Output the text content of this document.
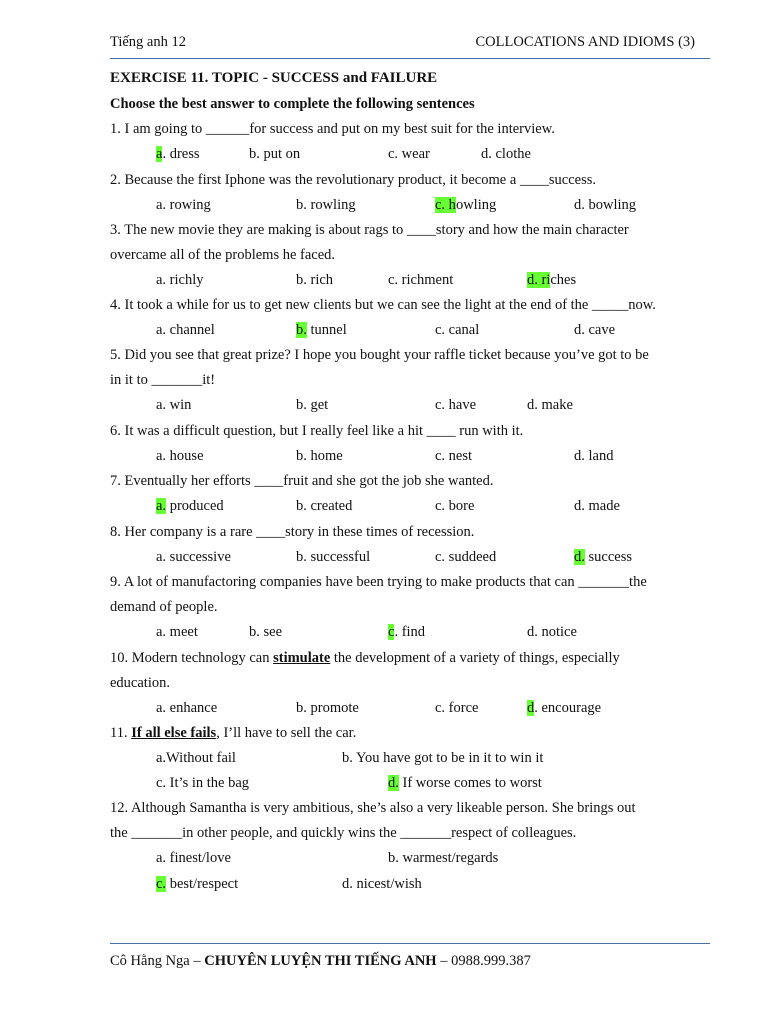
Tiếng anh 12	COLLOCATIONS AND IDIOMS (3)
EXERCISE 11. TOPIC - SUCCESS and FAILURE
Choose the best answer to complete the following sentences
1. I am going to ______for success and put on my best suit for the interview.
a. dress	b. put on	c. wear	d. clothe
2. Because the first Iphone was the revolutionary product, it become a ____success.
a. rowing	b. rowling	c. howling	d. bowling
3. The new movie they are making is about rags to ____story and how the main character
overcame all of the problems he faced.
a. richly	b. rich	c. richment	d. riches
4. It took a while for us to get new clients but we can see the light at the end of the _____now.
a. channel	b. tunnel	c. canal	d. cave
5. Did you see that great prize? I hope you bought your raffle ticket because you’ve got to be
in it to _______it!
a. win	b. get	c. have	d. make
6. It was a difficult question, but I really feel like a hit ____ run with it.
a. house	b. home	c. nest	d. land
7. Eventually her efforts ____fruit and she got the job she wanted.
a. produced	b. created	c. bore	d. made
8. Her company is a rare ____story in these times of recession.
a. successive	b. successful	c. suddeed	d. success
9. A lot of manufactoring companies have been trying to make products that can _______the
demand of people.
a. meet	b. see	c. find	d. notice
10. Modern technology can stimulate the development of a variety of things, especially
education.
a. enhance	b. promote	c. force	d. encourage
11. If all else fails, I’ll have to sell the car.
a.Without fail	b. You have got to be in it to win it
c. It’s in the bag	d. If worse comes to worst
12. Although Samantha is very ambitious, she’s also a very likeable person. She brings out
the _______in other people, and quickly wins the _______respect of colleagues.
a. finest/love	b. warmest/regards
c. best/respect	d. nicest/wish
Cô Hằng Nga – CHUYÊN LUYỆN THI TIẾNG ANH – 0988.999.387
